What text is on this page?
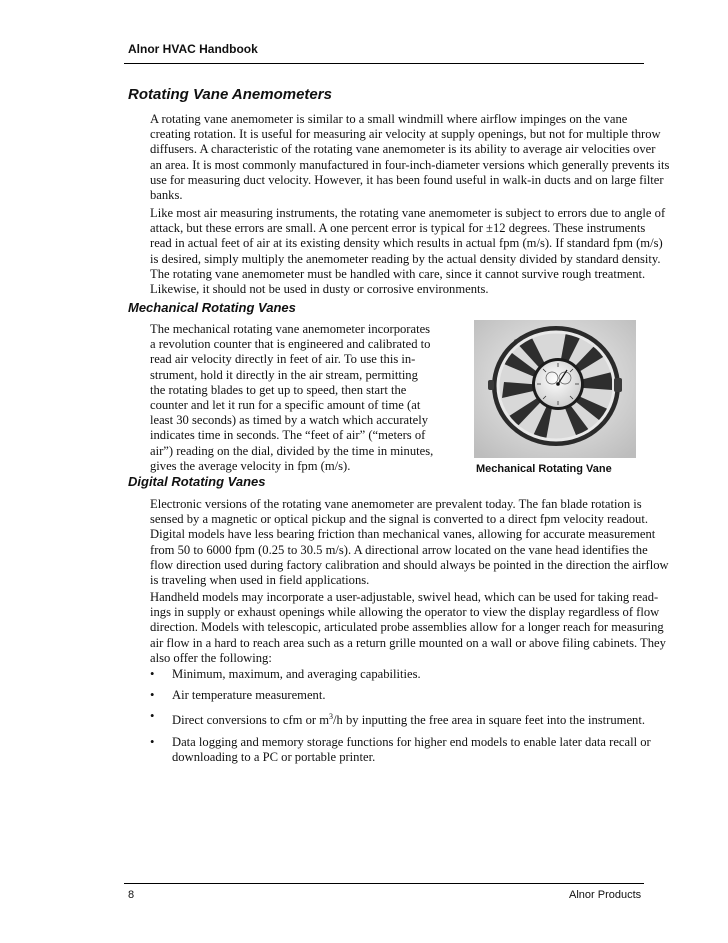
Alnor HVAC Handbook
Rotating Vane Anemometers

A rotating vane anemometer is similar to a small windmill where airflow impinges on the vane

creating rotation. It is useful for measuring air velocity at supply openings, but not for multiple throw

diffusers. A characteristic of the rotating vane anemometer is its ability to average air velocities over

an area. It is most commonly manufactured in four-inch-diameter versions which generally prevents its

use for measuring duct velocity. However, it has been found useful in walk-in ducts and on large filter

banks.

Like most air measuring instruments, the rotating vane anemometer is subject to errors due to angle of

attack, but these errors are small. A one percent error is typical for ±12 degrees. These instruments

read in actual feet of air at its existing density which results in actual fpm (m/s). If standard fpm (m/s)

is desired, simply multiply the anemometer reading by the actual density divided by standard density.

The rotating vane anemometer must be handled with care, since it cannot survive rough treatment.

Likewise, it should not be used in dusty or corrosive environments.

Mechanical Rotating Vanes

The mechanical rotating vane anemometer incorporates

a revolution counter that is engineered and calibrated to

read air velocity directly in feet of air. To use this in-

strument, hold it directly in the air stream, permitting

the rotating blades to get up to speed, then start the

counter and let it run for a specific amount of time (at

least 30 seconds) as timed by a watch which accurately

indicates time in seconds. The “feet of air” (“meters of

air”) reading on the dial, divided by the time in minutes,

gives the average velocity in fpm (m/s).	Mechanical Rotating Vane
Digital Rotating Vanes

Electronic versions of the rotating vane anemometer are prevalent today. The fan blade rotation is

sensed by a magnetic or optical pickup and the signal is converted to a direct fpm velocity readout.

Digital models have less bearing friction than mechanical vanes, allowing for accurate measurement

from 50 to 6000 fpm (0.25 to 30.5 m/s). A directional arrow located on the vane head identifies the

flow direction used during factory calibration and should always be pointed in the direction the airflow

is traveling when used in field applications.

Handheld models may incorporate a user-adjustable, swivel head, which can be used for taking read-

ings in supply or exhaust openings while allowing the operator to view the display regardless of flow

direction. Models with telescopic, articulated probe assemblies allow for a longer reach for measuring

air flow in a hard to reach area such as a return grille mounted on a wall or above filing cabinets. They

also offer the following:

• Minimum, maximum, and averaging capabilities.

• Air temperature measurement.

• Direct conversions to cfm or $m^3/h$ by inputting the free area in square feet into the instrument.

• Data logging and memory storage functions for higher end models to enable later data recall or

downloading to a PC or portable printer.

8	Alnor Products
